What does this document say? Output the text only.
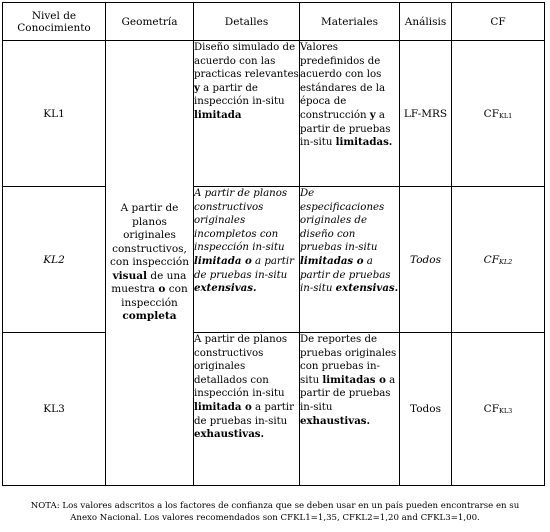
Nivel de Conocimiento	Geometría	Detalles	Materiales	Análisis	CF
KL1	A partir de planos originales constructivos, con inspección visual de una muestra o con inspección completa	Diseño simulado de acuerdo con las practicas relevantes y a partir de inspección in-situ limitada	Valores predefinidos de acuerdo con los estándares de la época de construcción y a partir de pruebas in-situ limitadas.	LF-MRS	$CF_{KL1}$
KL2		A partir de planos constructivos originales incompletos con inspección in-situ limitada o a partir de pruebas in-situ extensivas.	De especificaciones originales de diseño con pruebas in-situ limitadas o a partir de pruebas in-situ extensivas.	Todos	$CF_{KL2}$
KL3		A partir de planos constructivos originales detallados con inspección in-situ limitada o a partir de pruebas in-situ exhaustivas.	De reportes de pruebas originales con pruebas in-situ limitadas o a partir de pruebas in-situ exhaustivas.	Todos	$CF_{KL3}$
NOTA: Los valores adscritos a los factores de confianza que se deben usar en un país pueden encontrarse en su
Anexo Nacional. Los valores recomendados son CFKL1=1,35, CFKL2=1,20 and CFKL3=1,00.
